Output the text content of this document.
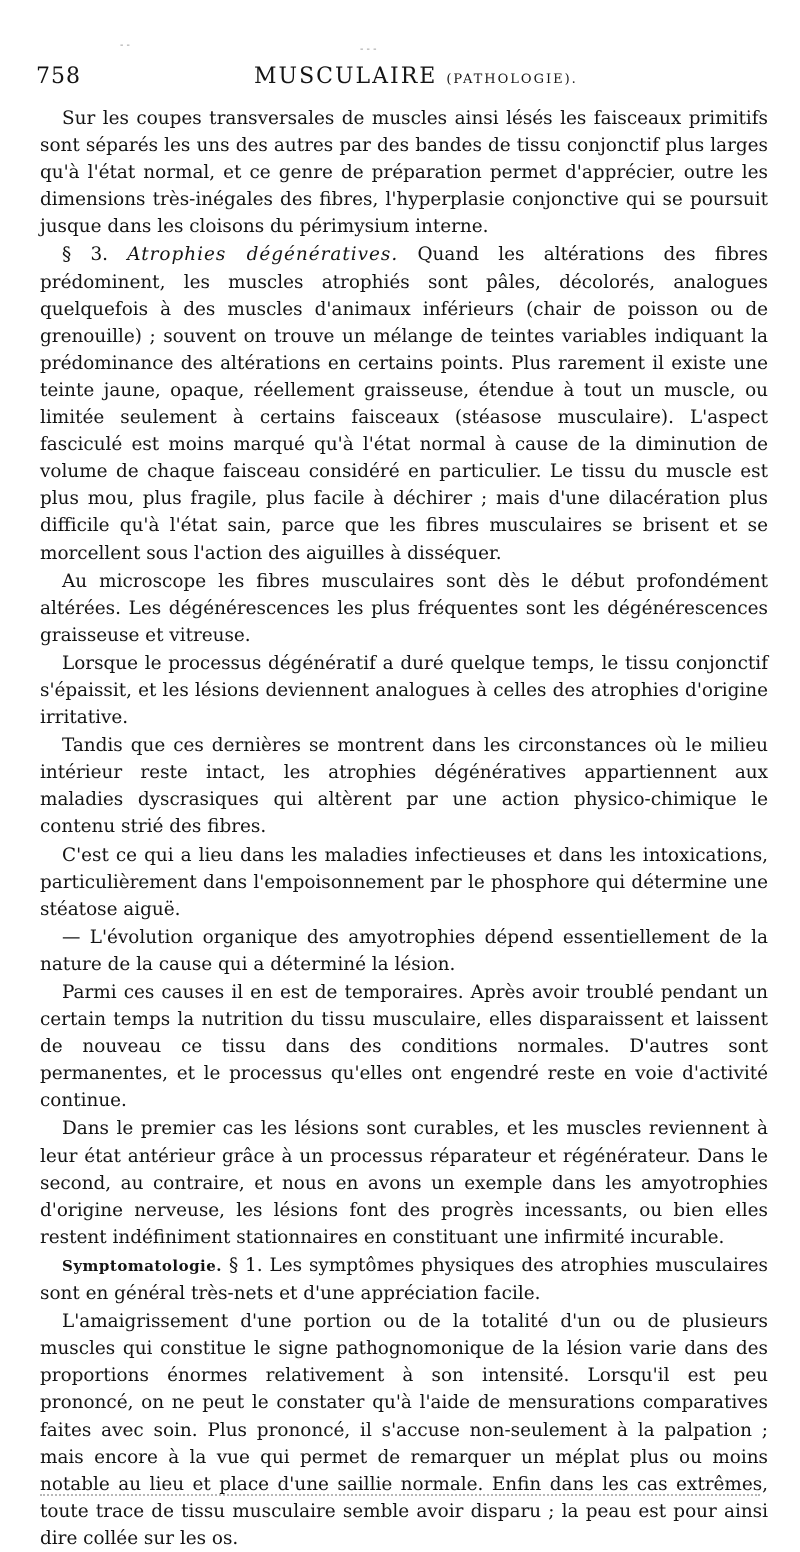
758	MUSCULAIRE (PATHOLOGIE).

Sur les coupes transversales de muscles ainsi lésés les faisceaux primitifs sont séparés les uns des autres par des bandes de tissu conjonctif plus larges qu'à l'état normal, et ce genre de préparation permet d'apprécier, outre les dimensions très-inégales des fibres, l'hyperplasie conjonctive qui se poursuit jusque dans les cloisons du périmysium interne.

§ 3. Atrophies dégénératives. Quand les altérations des fibres prédominent, les muscles atrophiés sont pâles, décolorés, analogues quelquefois à des muscles d'animaux inférieurs (chair de poisson ou de grenouille) ; souvent on trouve un mélange de teintes variables indiquant la prédominance des altérations en certains points. Plus rarement il existe une teinte jaune, opaque, réellement graisseuse, étendue à tout un muscle, ou limitée seulement à certains faisceaux (stéasose musculaire). L'aspect fasciculé est moins marqué qu'à l'état normal à cause de la diminution de volume de chaque faisceau considéré en particulier. Le tissu du muscle est plus mou, plus fragile, plus facile à déchirer ; mais d'une dilacération plus difficile qu'à l'état sain, parce que les fibres musculaires se brisent et se morcellent sous l'action des aiguilles à disséquer.

Au microscope les fibres musculaires sont dès le début profondément altérées. Les dégénérescences les plus fréquentes sont les dégénérescences graisseuse et vitreuse.

Lorsque le processus dégénératif a duré quelque temps, le tissu conjonctif s'épaissit, et les lésions deviennent analogues à celles des atrophies d'origine irritative.

Tandis que ces dernières se montrent dans les circonstances où le milieu intérieur reste intact, les atrophies dégénératives appartiennent aux maladies dyscrasiques qui altèrent par une action physico-chimique le contenu strié des fibres.

C'est ce qui a lieu dans les maladies infectieuses et dans les intoxications, particulièrement dans l'empoisonnement par le phosphore qui détermine une stéatose aiguë.

— L'évolution organique des amyotrophies dépend essentiellement de la nature de la cause qui a déterminé la lésion.

Parmi ces causes il en est de temporaires. Après avoir troublé pendant un certain temps la nutrition du tissu musculaire, elles disparaissent et laissent de nouveau ce tissu dans des conditions normales. D'autres sont permanentes, et le processus qu'elles ont engendré reste en voie d'activité continue.

Dans le premier cas les lésions sont curables, et les muscles reviennent à leur état antérieur grâce à un processus réparateur et régénérateur. Dans le second, au contraire, et nous en avons un exemple dans les amyotrophies d'origine nerveuse, les lésions font des progrès incessants, ou bien elles restent indéfiniment stationnaires en constituant une infirmité incurable.

Symptomatologie. § 1. Les symptômes physiques des atrophies musculaires sont en général très-nets et d'une appréciation facile.

L'amaigrissement d'une portion ou de la totalité d'un ou de plusieurs muscles qui constitue le signe pathognomonique de la lésion varie dans des proportions énormes relativement à son intensité. Lorsqu'il est peu prononcé, on ne peut le constater qu'à l'aide de mensurations comparatives faites avec soin. Plus prononcé, il s'accuse non-seulement à la palpation ; mais encore à la vue qui permet de remarquer un méplat plus ou moins notable au lieu et place d'une saillie normale. Enfin dans les cas extrêmes, toute trace de tissu musculaire semble avoir disparu ; la peau est pour ainsi dire collée sur les os.

- -	- - -
